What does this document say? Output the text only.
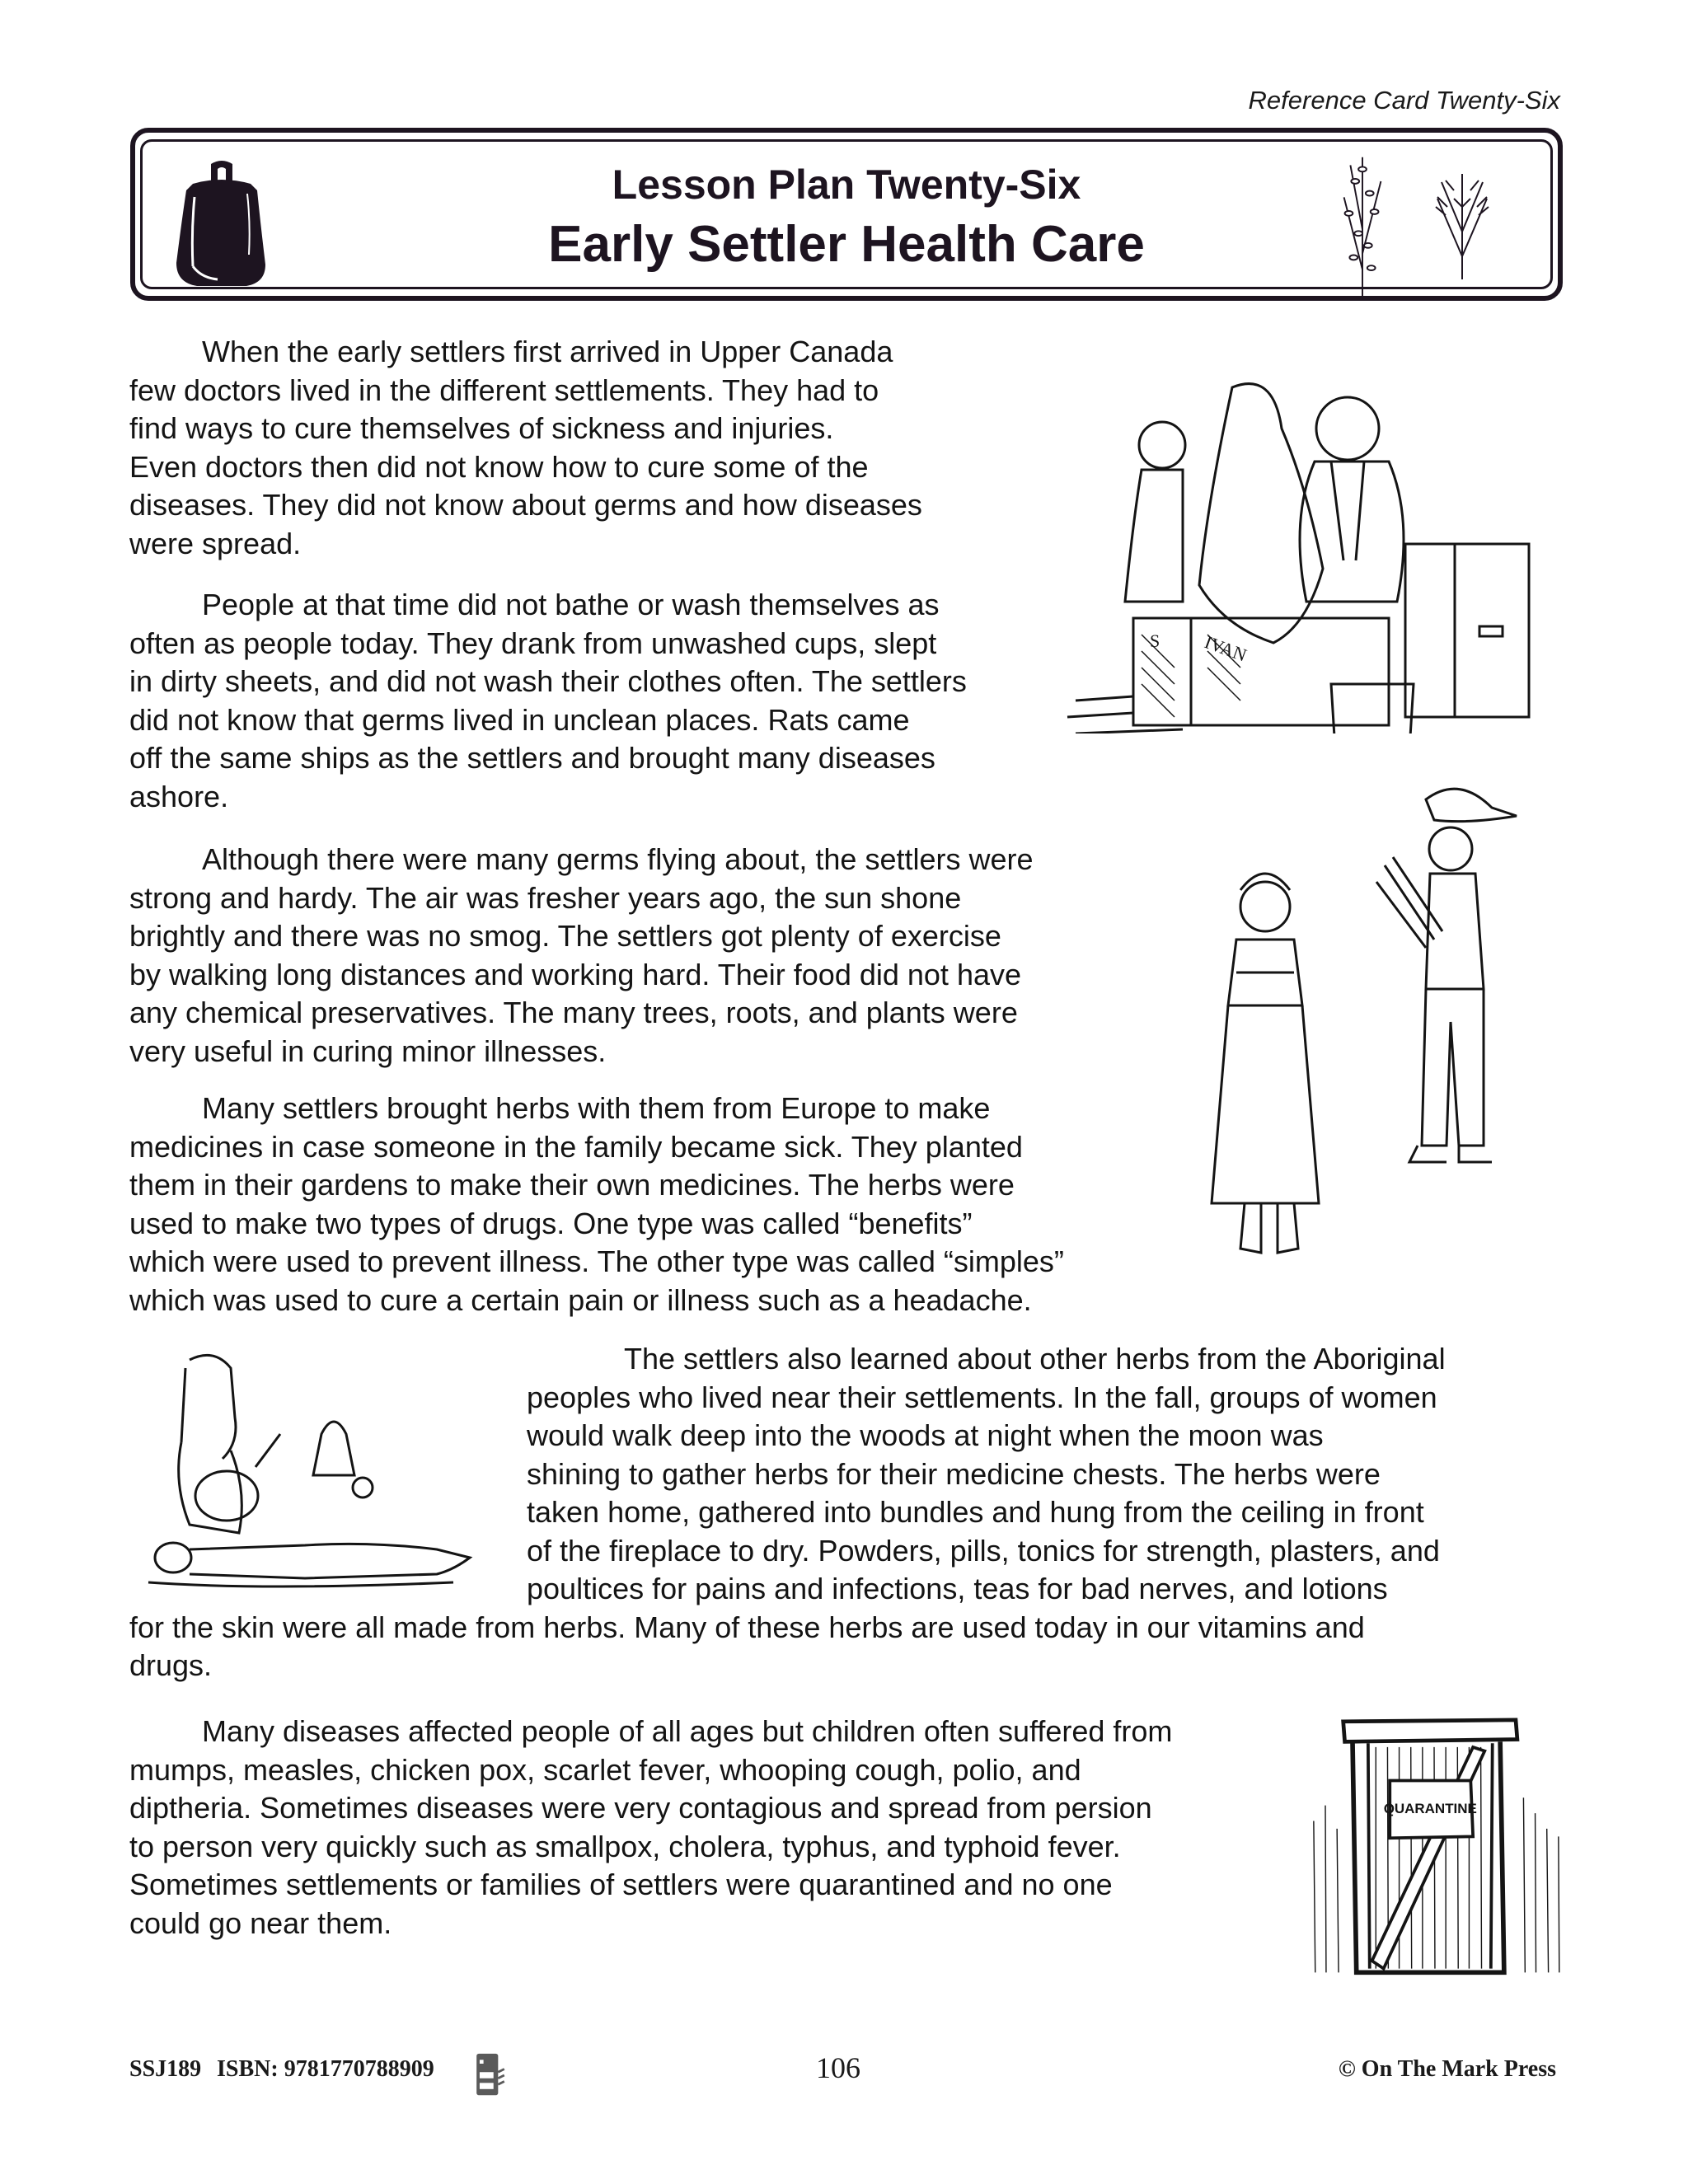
Reference Card Twenty-Six
Lesson Plan Twenty-Six
Early Settler Health Care
When the early settlers first arrived in Upper Canada
few doctors lived in the different settlements. They had to
find ways to cure themselves of sickness and injuries.
Even doctors then did not know how to cure some of the
diseases. They did not know about germs and how diseases
were spread.
People at that time did not bathe or wash themselves as
often as people today. They drank from unwashed cups, slept
in dirty sheets, and did not wash their clothes often. The settlers
did not know that germs lived in unclean places. Rats came
off the same ships as the settlers and brought many diseases
ashore.
S IVAN
Although there were many germs flying about, the settlers were
strong and hardy. The air was fresher years ago, the sun shone
brightly and there was no smog. The settlers got plenty of exercise
by walking long distances and working hard. Their food did not have
any chemical preservatives. The many trees, roots, and plants were
very useful in curing minor illnesses.
Many settlers brought herbs with them from Europe to make
medicines in case someone in the family became sick. They planted
them in their gardens to make their own medicines. The herbs were
used to make two types of drugs. One type was called “benefits”
which were used to prevent illness. The other type was called “simples”
which was used to cure a certain pain or illness such as a headache.
The settlers also learned about other herbs from the Aboriginal
peoples who lived near their settlements. In the fall, groups of women
would walk deep into the woods at night when the moon was
shining to gather herbs for their medicine chests. The herbs were
taken home, gathered into bundles and hung from the ceiling in front
of the fireplace to dry. Powders, pills, tonics for strength, plasters, and
poultices for pains and infections, teas for bad nerves, and lotions
for the skin were all made from herbs. Many of these herbs are used today in our vitamins and
drugs.
Many diseases affected people of all ages but children often suffered from
mumps, measles, chicken pox, scarlet fever, whooping cough, polio, and
diptheria. Sometimes diseases were very contagious and spread from persion
to person very quickly such as smallpox, cholera, typhus, and typhoid fever.
Sometimes settlements or families of settlers were quarantined and no one
could go near them.
QUARANTINE
SSJ189 ISBN: 9781770788909	106	© On The Mark Press
